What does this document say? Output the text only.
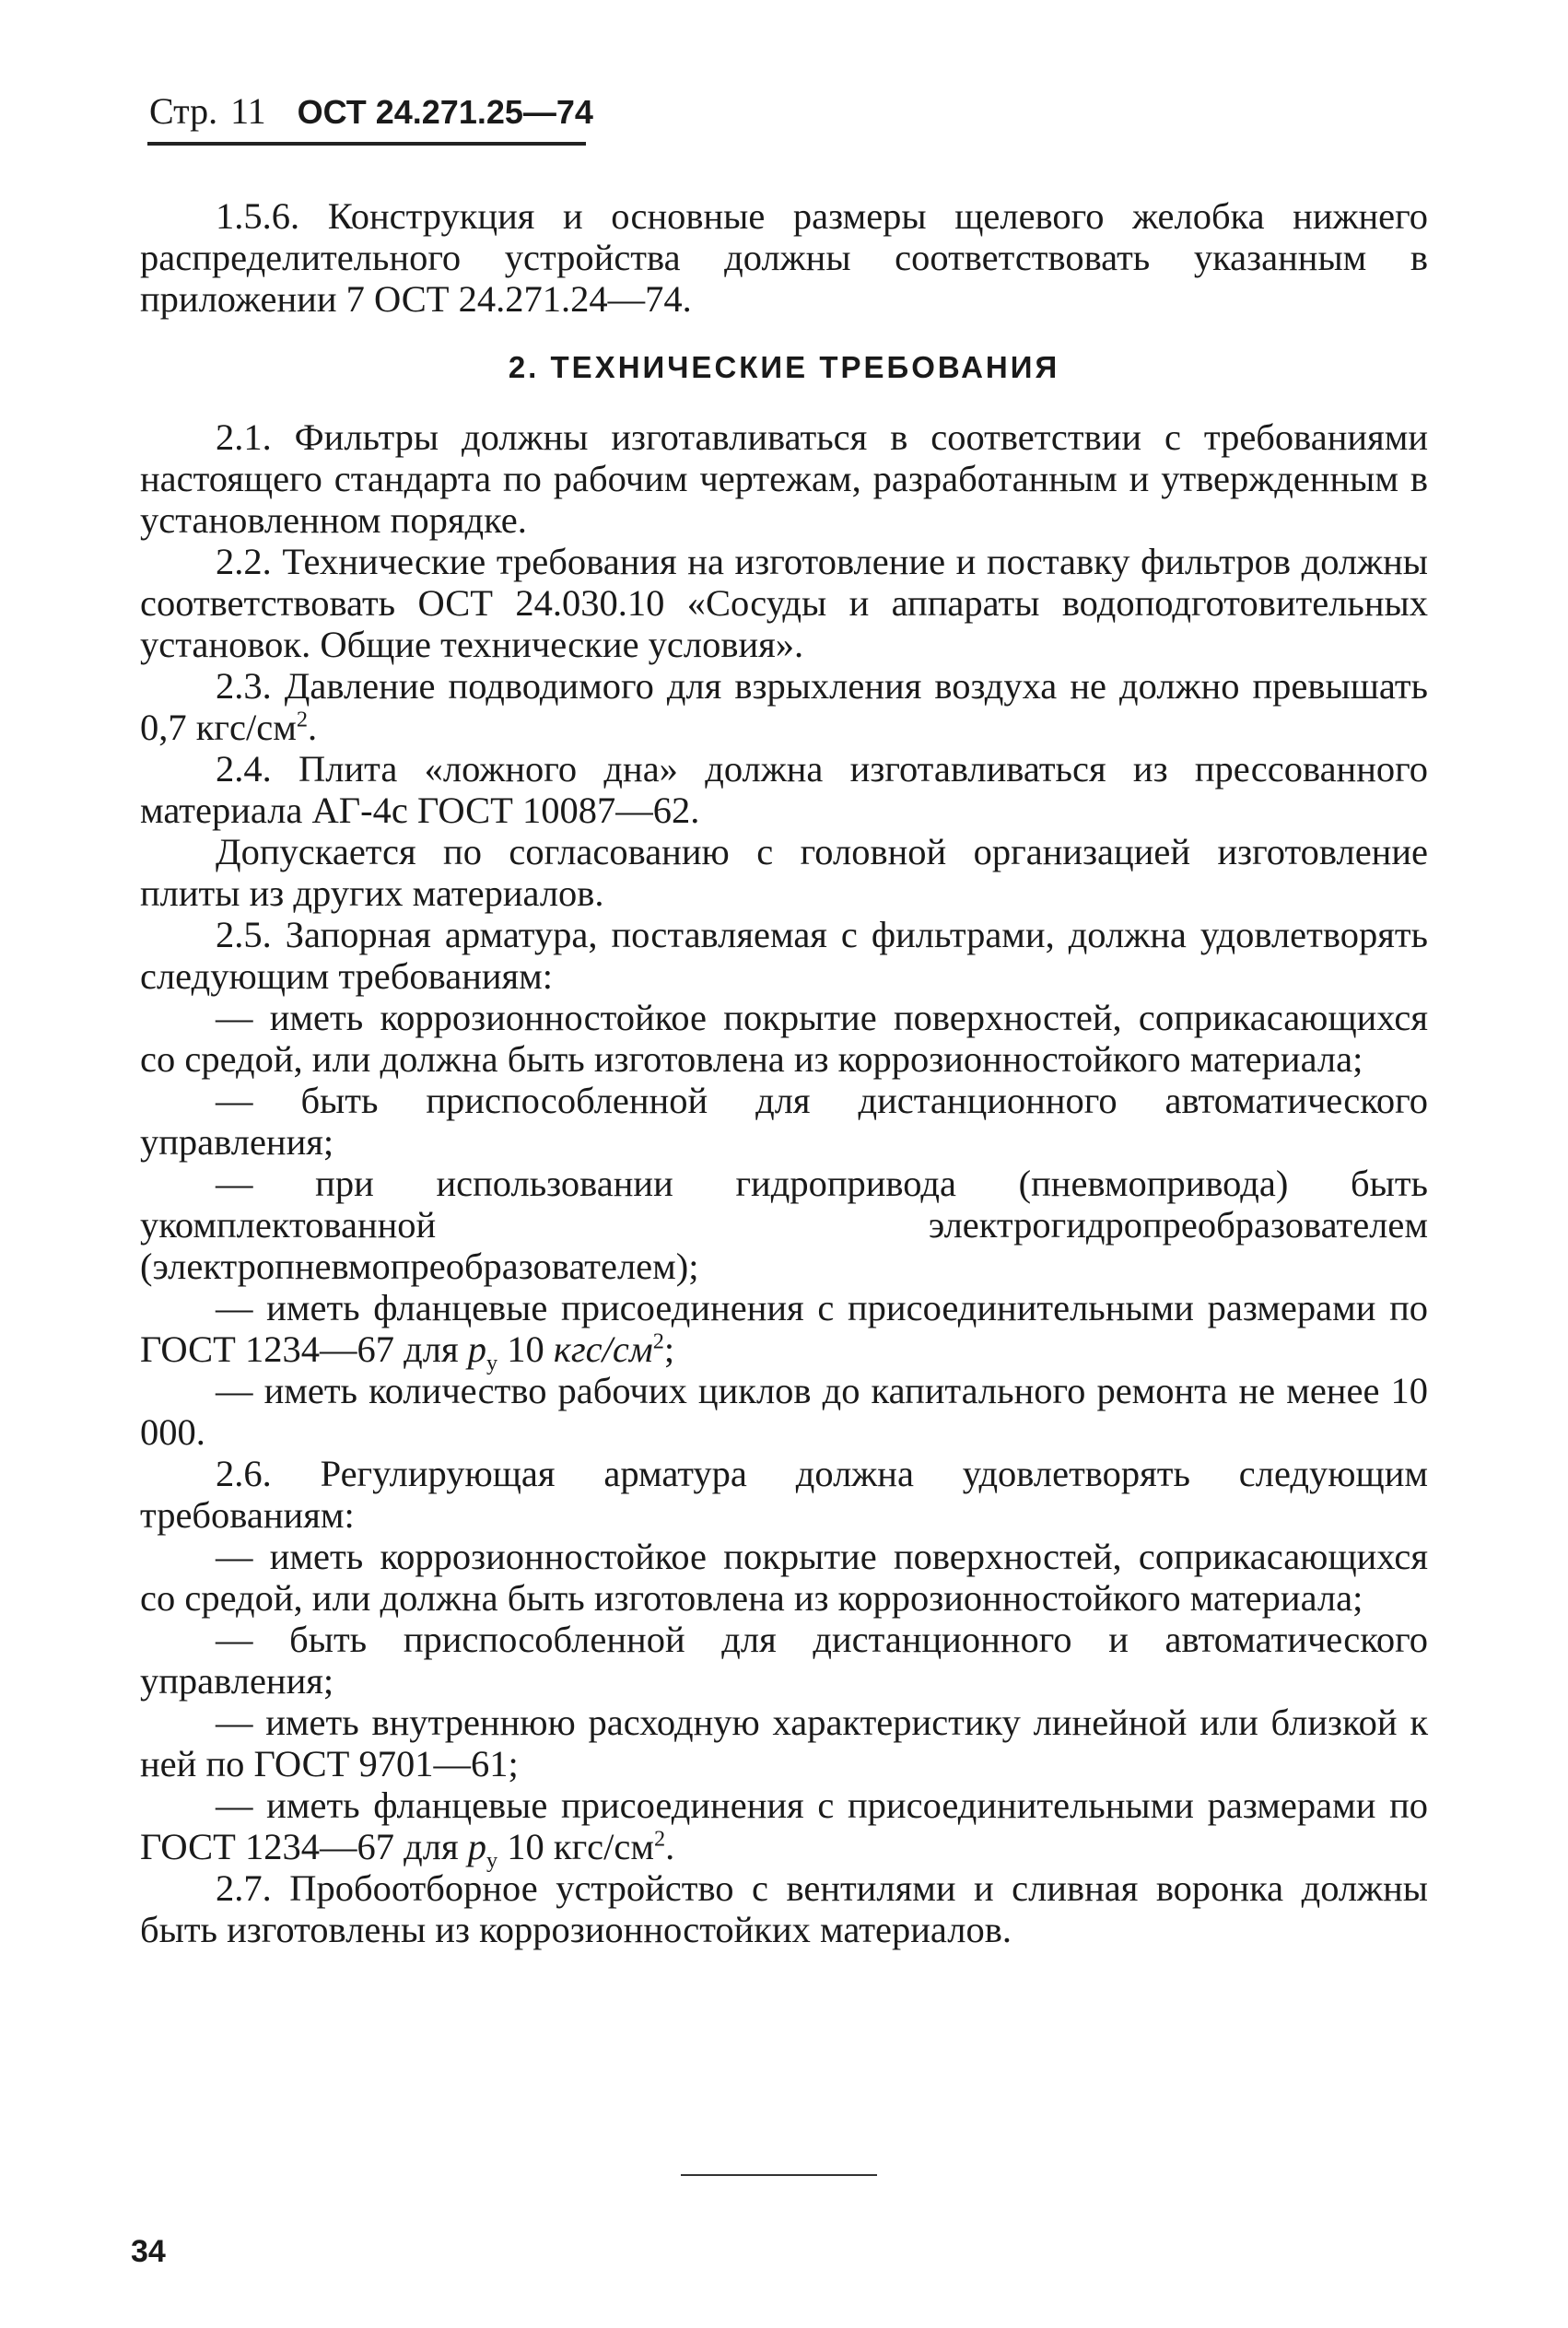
Стр. 11 ОСТ 24.271.25—74

1.5.6. Конструкция и основные размеры щелевого желобка нижнего распределительного устройства должны соответствовать указанным в приложении 7 ОСТ 24.271.24—74.

2. ТЕХНИЧЕСКИЕ ТРЕБОВАНИЯ

2.1. Фильтры должны изготавливаться в соответствии с требованиями настоящего стандарта по рабочим чертежам, разработанным и утвержденным в установленном порядке.

2.2. Технические требования на изготовление и поставку фильтров должны соответствовать ОСТ 24.030.10 «Сосуды и аппараты водоподготовительных установок. Общие технические условия».

2.3. Давление подводимого для взрыхления воздуха не должно превышать 0,7 кгс/$см^2$.

2.4. Плита «ложного дна» должна изготавливаться из прессованного материала АГ-4с ГОСТ 10087—62.

Допускается по согласованию с головной организацией изготовление плиты из других материалов.

2.5. Запорная арматура, поставляемая с фильтрами, должна удовлетворять следующим требованиям:

— иметь коррозионностойкое покрытие поверхностей, соприкасающихся со средой, или должна быть изготовлена из коррозионностойкого материала;

— быть приспособленной для дистанционного автоматического управления;

— при использовании гидропривода (пневмопривода) быть укомплектованной электрогидропреобразователем (электропневмопреобразователем);

— иметь фланцевые присоединения с присоединительными размерами по ГОСТ 1234—67 для $p_у$ 10 кгс/$см^2$;

— иметь количество рабочих циклов до капитального ремонта не менее 10 000.

2.6. Регулирующая арматура должна удовлетворять следующим требованиям:

— иметь коррозионностойкое покрытие поверхностей, соприкасающихся со средой, или должна быть изготовлена из коррозионностойкого материала;

— быть приспособленной для дистанционного и автоматического управления;

— иметь внутреннюю расходную характеристику линейной или близкой к ней по ГОСТ 9701—61;

— иметь фланцевые присоединения с присоединительными размерами по ГОСТ 1234—67 для $p_у$ 10 кгс/$см^2$.

2.7. Пробоотборное устройство с вентилями и сливная воронка должны быть изготовлены из коррозионностойких материалов.

34
